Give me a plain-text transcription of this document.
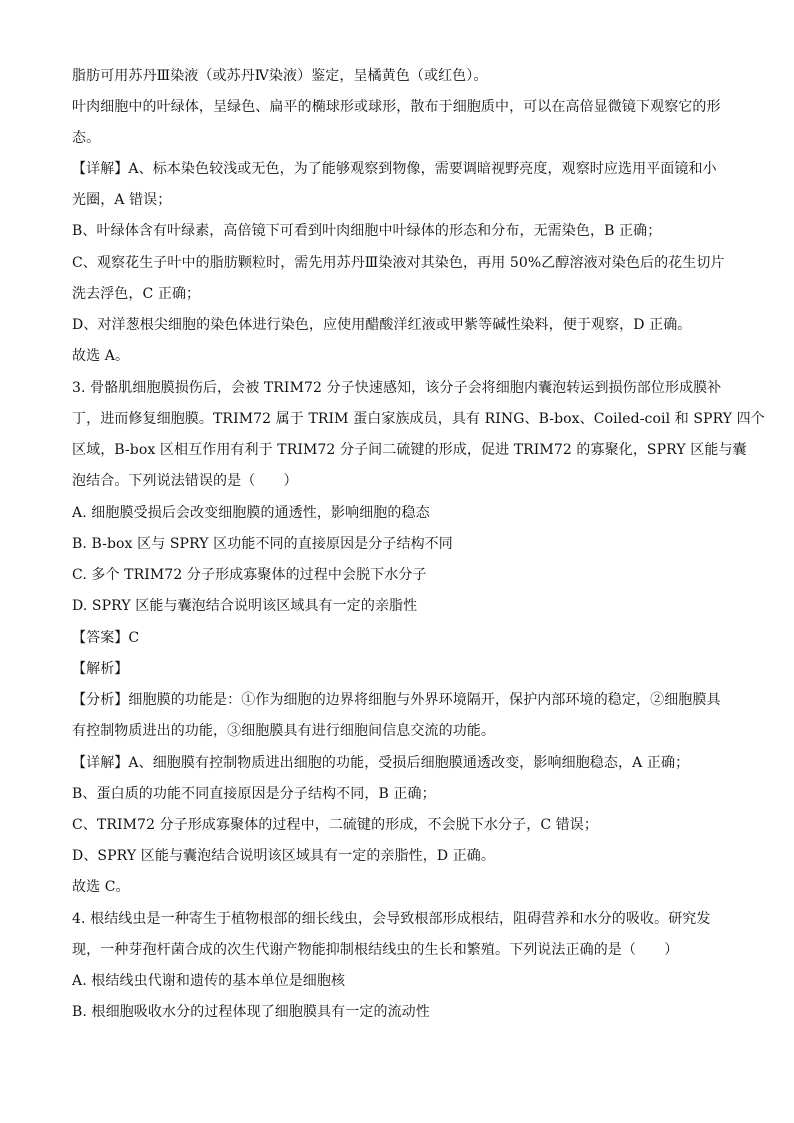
脂肪可用苏丹Ⅲ染液（或苏丹Ⅳ染液）鉴定，呈橘黄色（或红色）。
叶肉细胞中的叶绿体，呈绿色、扁平的椭球形或球形，散布于细胞质中，可以在高倍显微镜下观察它的形
态。
【详解】A、标本染色较浅或无色，为了能够观察到物像，需要调暗视野亮度，观察时应选用平面镜和小
光圈，A 错误；
B、叶绿体含有叶绿素，高倍镜下可看到叶肉细胞中叶绿体的形态和分布，无需染色，B 正确；
C、观察花生子叶中的脂肪颗粒时，需先用苏丹Ⅲ染液对其染色，再用 50%乙醇溶液对染色后的花生切片
洗去浮色，C 正确；
D、对洋葱根尖细胞的染色体进行染色，应使用醋酸洋红液或甲紫等碱性染料，便于观察，D 正确。
故选 A。
3. 骨骼肌细胞膜损伤后，会被 TRIM72 分子快速感知，该分子会将细胞内囊泡转运到损伤部位形成膜补
丁，进而修复细胞膜。TRIM72 属于 TRIM 蛋白家族成员，具有 RING、B-box、Coiled-coil 和 SPRY 四个
区域，B-box 区相互作用有利于 TRIM72 分子间二硫键的形成，促进 TRIM72 的寡聚化，SPRY 区能与囊
泡结合。下列说法错误的是（　　）
A. 细胞膜受损后会改变细胞膜的通透性，影响细胞的稳态
B. B-box 区与 SPRY 区功能不同的直接原因是分子结构不同
C. 多个 TRIM72 分子形成寡聚体的过程中会脱下水分子
D. SPRY 区能与囊泡结合说明该区域具有一定的亲脂性
【答案】C
【解析】
【分析】细胞膜的功能是：①作为细胞的边界将细胞与外界环境隔开，保护内部环境的稳定，②细胞膜具
有控制物质进出的功能，③细胞膜具有进行细胞间信息交流的功能。
【详解】A、细胞膜有控制物质进出细胞的功能，受损后细胞膜通透改变，影响细胞稳态，A 正确；
B、蛋白质的功能不同直接原因是分子结构不同，B 正确；
C、TRIM72 分子形成寡聚体的过程中，二硫键的形成，不会脱下水分子，C 错误；
D、SPRY 区能与囊泡结合说明该区域具有一定的亲脂性，D 正确。
故选 C。
4. 根结线虫是一种寄生于植物根部的细长线虫，会导致根部形成根结，阻碍营养和水分的吸收。研究发
现，一种芽孢杆菌合成的次生代谢产物能抑制根结线虫的生长和繁殖。下列说法正确的是（　　）
A. 根结线虫代谢和遗传的基本单位是细胞核
B. 根细胞吸收水分的过程体现了细胞膜具有一定的流动性
